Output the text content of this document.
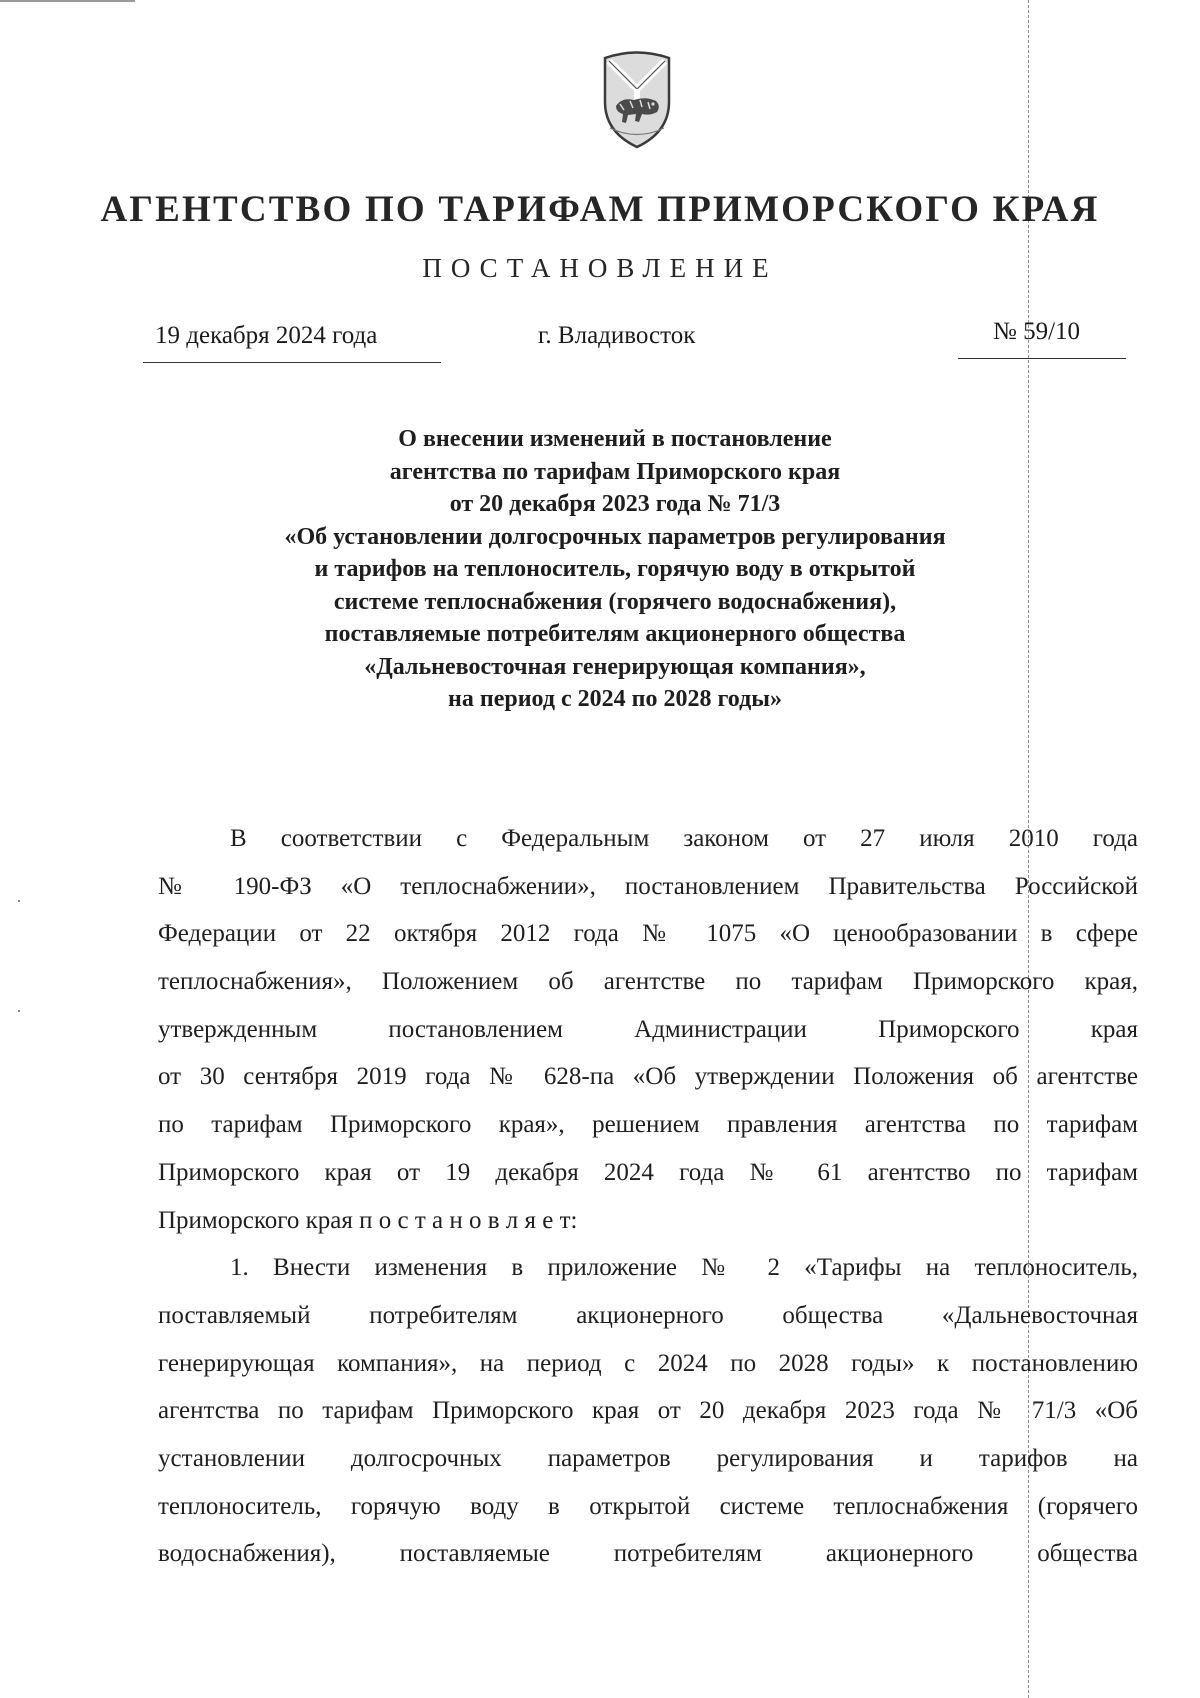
АГЕНТСТВО ПО ТАРИФАМ ПРИМОРСКОГО КРАЯ
ПОСТАНОВЛЕНИЕ
19 декабря 2024 года	г. Владивосток	№ 59/10
О внесении изменений в постановление
агентства по тарифам Приморского края
от 20 декабря 2023 года № 71/3
«Об установлении долгосрочных параметров регулирования
и тарифов на теплоноситель, горячую воду в открытой
системе теплоснабжения (горячего водоснабжения),
поставляемые потребителям акционерного общества
«Дальневосточная генерирующая компания»,
на период с 2024 по 2028 годы»
В соответствии с Федеральным законом от 27 июля 2010 года
№ 190-ФЗ «О теплоснабжении», постановлением Правительства Российской
Федерации от 22 октября 2012 года № 1075 «О ценообразовании в сфере
теплоснабжения», Положением об агентстве по тарифам Приморского края,
утвержденным постановлением Администрации Приморского края
от 30 сентября 2019 года № 628-па «Об утверждении Положения об агентстве
по тарифам Приморского края», решением правления агентства по тарифам
Приморского края от 19 декабря 2024 года № 61 агентство по тарифам
Приморского края п о с т а н о в л я е т:
1. Внести изменения в приложение № 2 «Тарифы на теплоноситель,
поставляемый потребителям акционерного общества «Дальневосточная
генерирующая компания», на период с 2024 по 2028 годы» к постановлению
агентства по тарифам Приморского края от 20 декабря 2023 года № 71/3 «Об
установлении долгосрочных параметров регулирования и тарифов на
теплоноситель, горячую воду в открытой системе теплоснабжения (горячего
водоснабжения), поставляемые потребителям акционерного общества
